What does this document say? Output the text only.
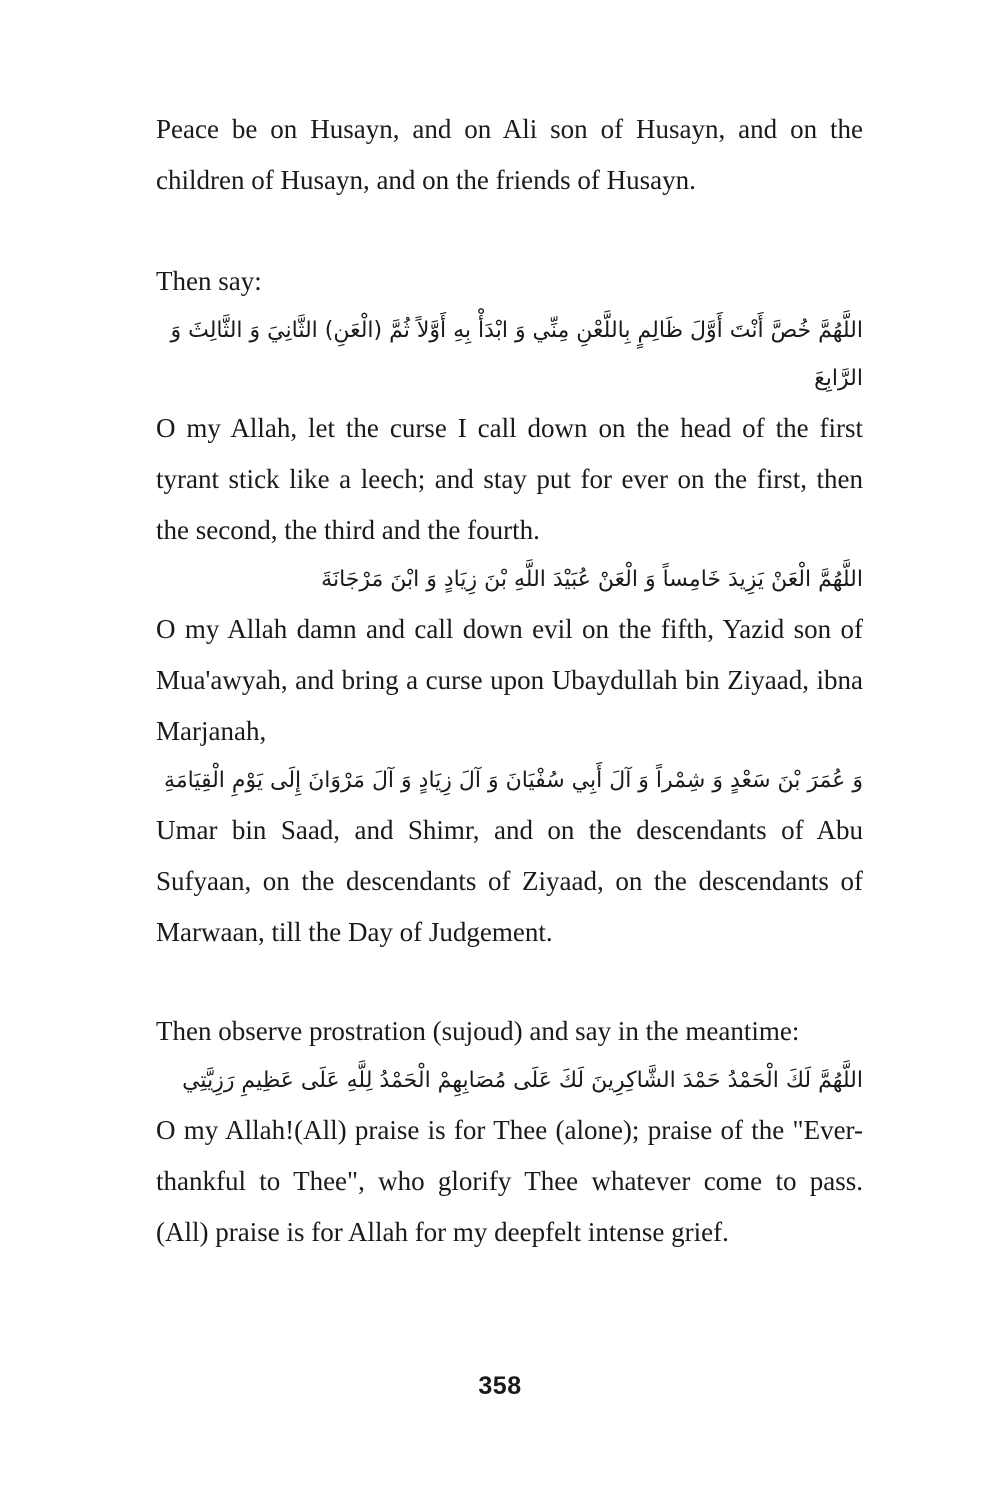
Peace be on Husayn, and on Ali son of Husayn, and on the children of Husayn, and on the friends of Husayn.

Then say:

اللَّهُمَّ خُصَّ أَنْتَ أَوَّلَ ظَالِمٍ بِاللَّعْنِ مِنِّي وَ ابْدَأْ بِهِ أَوَّلاً ثُمَّ (الْعَنِ) الثَّانِيَ وَ الثَّالِثَ وَ الرَّابِعَ

O my Allah, let the curse I call down on the head of the first tyrant stick like a leech; and stay put for ever on the first, then the second, the third and the fourth.

اللَّهُمَّ الْعَنْ يَزِيدَ خَامِساً وَ الْعَنْ عُبَيْدَ اللَّهِ بْنَ زِيَادٍ وَ ابْنَ مَرْجَانَةَ

O my Allah damn and call down evil on the fifth, Yazid son of Mua'awyah, and bring a curse upon Ubaydullah bin Ziyaad, ibna Marjanah,

وَ عُمَرَ بْنَ سَعْدٍ وَ شِمْراً وَ آلَ أَبِي سُفْيَانَ وَ آلَ زِيَادٍ وَ آلَ مَرْوَانَ إِلَى يَوْمِ الْقِيَامَةِ

Umar bin Saad, and Shimr, and on the descendants of Abu Sufyaan, on the descendants of Ziyaad, on the descendants of Marwaan, till the Day of Judgement.

Then observe prostration (sujoud) and say in the meantime:

اللَّهُمَّ لَكَ الْحَمْدُ حَمْدَ الشَّاكِرِينَ لَكَ عَلَى مُصَابِهِمْ الْحَمْدُ لِلَّهِ عَلَى عَظِيمِ رَزِيَّتِي

O my Allah!(All) praise is for Thee (alone); praise of the "Ever-thankful to Thee", who glorify Thee whatever come to pass. (All) praise is for Allah for my deepfelt intense grief.

358
